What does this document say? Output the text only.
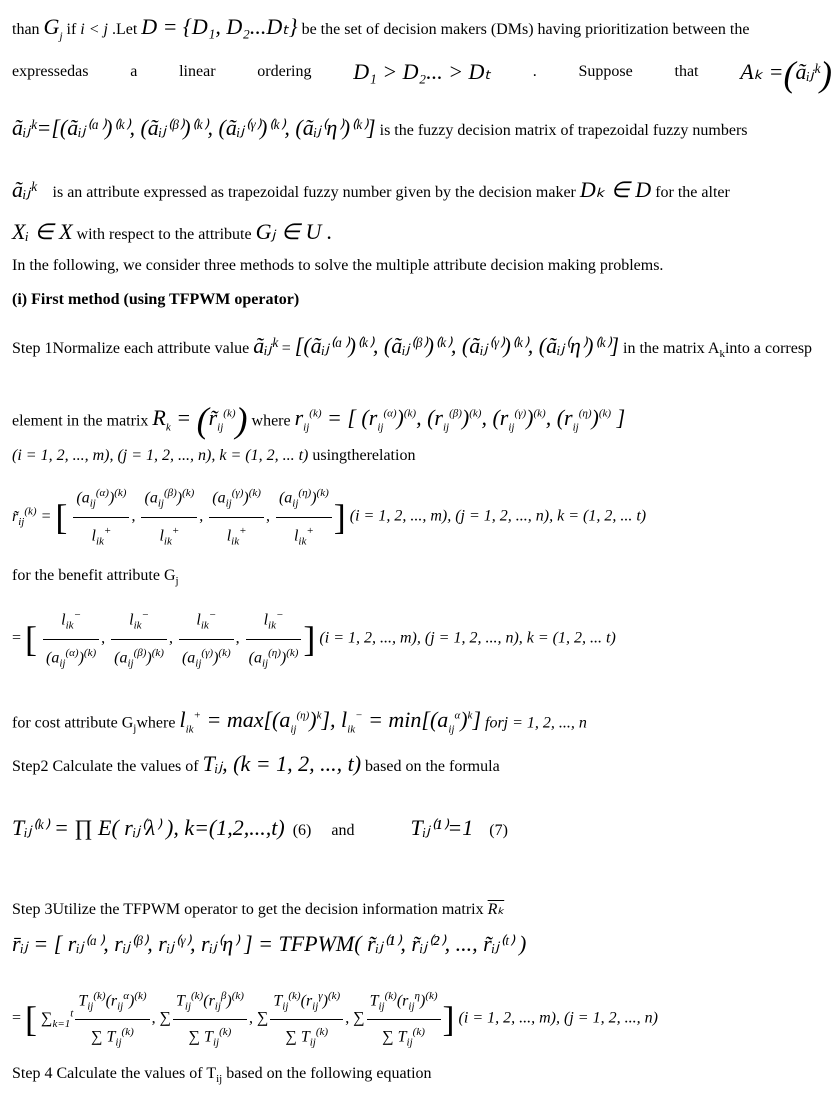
than $G_j$ if i < j .Let D = {D₁, D₂...Dₜ} be the set of decision makers (DMs) having prioritization between the
expressedas	a	linear	ordering D₁ > D₂... > Dₜ	.	Suppose	that Aₖ =(ãᵢⱼᵏ)
ãᵢⱼᵏ=[(ãᵢⱼ⁽ᵅ⁾)⁽ᵏ⁾, (ãᵢⱼ⁽ᵝ⁾)⁽ᵏ⁾, (ãᵢⱼ⁽ᵞ⁾)⁽ᵏ⁾, (ãᵢⱼ⁽η⁾)⁽ᵏ⁾] is the fuzzy decision matrix of trapezoidal fuzzy numbers
ãᵢⱼᵏ is an attribute expressed as trapezoidal fuzzy number given by the decision maker Dₖ ∈ D for the alter
Xᵢ ∈ X with respect to the attribute Gⱼ ∈ U .
In the following, we consider three methods to solve the multiple attribute decision making problems.
(i) First method (using TFPWM operator)
Step 1Normalize each attribute value ãᵢⱼᵏ = [(ãᵢⱼ⁽ᵅ⁾)⁽ᵏ⁾, (ãᵢⱼ⁽ᵝ⁾)⁽ᵏ⁾, (ãᵢⱼ⁽ᵞ⁾)⁽ᵏ⁾, (ãᵢⱼ⁽η⁾)⁽ᵏ⁾] in the matrix $A_kinto$ a corresp
element in the matrix $R_k$ = $(r̃_{ij}^{(k)})$ where $r_{ij}^{(k)}$ = [ $(r_{ij}^{(\alpha)})^{(k)}$, $(r_{ij}^{(\beta)})^{(k)}$, $(r_{ij}^{(\gamma)})^{(k)}$, $(r_{ij}^{(\eta)})^{(k)}$ ]
(i = 1, 2, ..., m), (j = 1, 2, ..., n), k = (1, 2, ... t) usingtherelation
$r̃_{ij}^{(k)}$ = [ $\frac{(a_{ij}^{(\alpha)})^{(k)}}{l_{ik}^+}$ , $\frac{(a_{ij}^{(\beta)})^{(k)}}{l_{ik}^+}$ , $\frac{(a_{ij}^{(\gamma)})^{(k)}}{l_{ik}^+}$ , $\frac{(a_{ij}^{(\eta)})^{(k)}}{l_{ik}^+}$ ] (i = 1, 2, ..., m), (j = 1, 2, ..., n), k = (1, 2, ... t)
for the benefit attribute $G_j$
= [ $\frac{l_{ik}^-}{(a_{ij}^{(\alpha)})^{(k)}}$ , $\frac{l_{ik}^-}{(a_{ij}^{(\beta)})^{(k)}}$ , $\frac{l_{ik}^-}{(a_{ij}^{(\gamma)})^{(k)}}$ , $\frac{l_{ik}^-}{(a_{ij}^{(\eta)})^{(k)}}$ ] (i = 1, 2, ..., m), (j = 1, 2, ..., n), k = (1, 2, ... t)
for cost attribute $G_jwhere$ $l_{ik}^+ = \max[(a_{ij}^{(\eta)})^k]$, $l_{ik}^- = \min[(a_{ij}^\alpha)^k]$ forj = 1, 2, ..., n
Step2 Calculate the values of Tᵢⱼ, (k = 1, 2, ..., t) based on the formula
Tᵢⱼ⁽ᵏ⁾ = ∏ E( rᵢⱼ⁽λ⁾ ), k=(1,2,...,t) (6) and	Tᵢⱼ⁽¹⁾=1 (7)
Step 3Utilize the TFPWM operator to get the decision information matrix $\overline{R_k}$
r̄ᵢⱼ = [ rᵢⱼ⁽ᵅ⁾, rᵢⱼ⁽ᵝ⁾, rᵢⱼ⁽ᵞ⁾, rᵢⱼ⁽η⁾ ] = TFPWM( r̃ᵢⱼ⁽¹⁾, r̃ᵢⱼ⁽²⁾, ..., r̃ᵢⱼ⁽ᵗ⁾ )
= [ $\sum_{k=1}^t \frac{T_{ij}^{(k)}(r_{ij}^\alpha)^{(k)}}{\sum T_{ij}^{(k)}}$ , ∑ $\frac{T_{ij}^{(k)}(r_{ij}^\beta)^{(k)}}{\sum T_{ij}^{(k)}}$ , ∑ $\frac{T_{ij}^{(k)}(r_{ij}^\gamma)^{(k)}}{\sum T_{ij}^{(k)}}$ , ∑ $\frac{T_{ij}^{(k)}(r_{ij}^\eta)^{(k)}}{\sum T_{ij}^{(k)}}$ ] (i = 1, 2, ..., m), (j = 1, 2, ..., n)
Step 4 Calculate the values of $T_{ij}$ based on the following equation
